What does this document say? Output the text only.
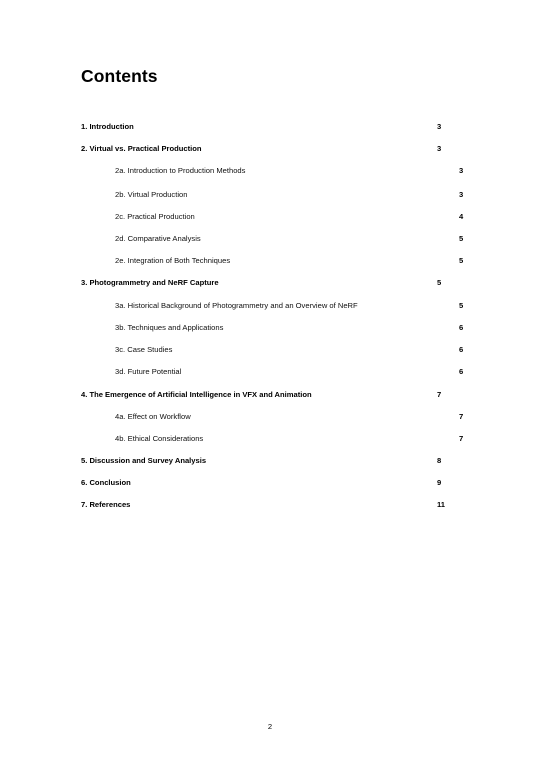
Contents
1. Introduction	3
2. Virtual vs. Practical Production	3
2a. Introduction to Production Methods	3
2b. Virtual Production	3
2c. Practical Production	4
2d. Comparative Analysis	5
2e. Integration of Both Techniques	5
3. Photogrammetry and NeRF Capture	5
3a. Historical Background of Photogrammetry and an Overview of NeRF	5
3b. Techniques and Applications	6
3c. Case Studies	6
3d. Future Potential	6
4. The Emergence of Artificial Intelligence in VFX and Animation	7
4a. Effect on Workflow	7
4b. Ethical Considerations	7
5. Discussion and Survey Analysis	8
6. Conclusion	9
7. References	11
2
